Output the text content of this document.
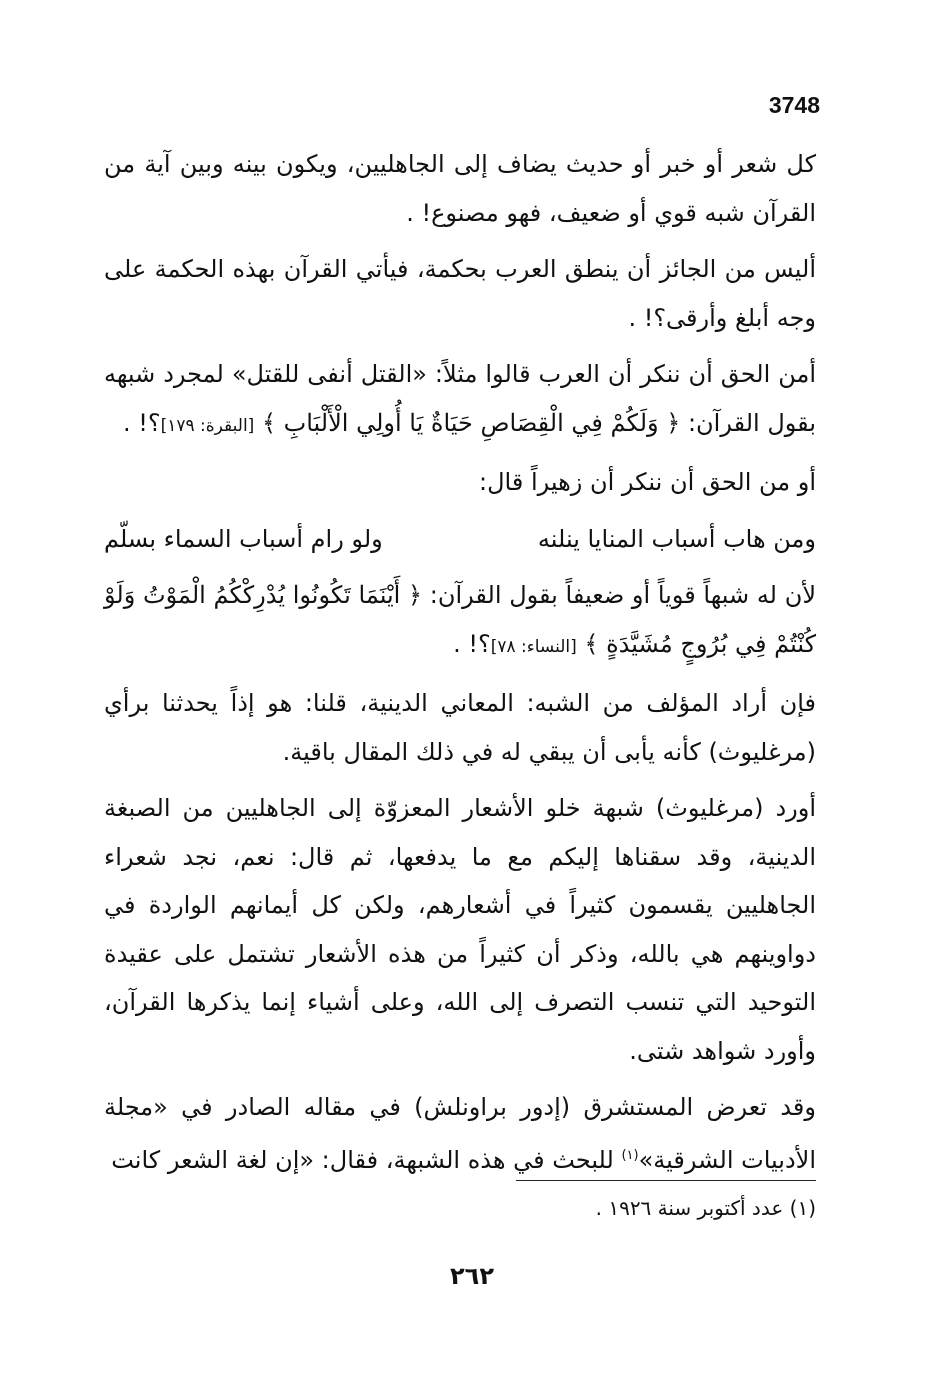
3748

كل شعر أو خبر أو حديث يضاف إلى الجاهليين، ويكون بينه وبين آية من القرآن شبه قوي أو ضعيف، فهو مصنوع! .

أليس من الجائز أن ينطق العرب بحكمة، فيأتي القرآن بهذه الحكمة على وجه أبلغ وأرقى؟! .

أمن الحق أن ننكر أن العرب قالوا مثلاً: «القتل أنفى للقتل» لمجرد شبهه بقول القرآن: ﴿ وَلَكُمْ فِي الْقِصَاصِ حَيَاةٌ يَا أُولِي الْأَلْبَابِ ﴾ [البقرة: ١٧٩]؟! .

أو من الحق أن ننكر أن زهيراً قال:

ومن هاب أسباب المنايا ينلنه
ولو رام أسباب السماء بسلّم

لأن له شبهاً قوياً أو ضعيفاً بقول القرآن: ﴿ أَيْنَمَا تَكُونُوا يُدْرِكْكُمُ الْمَوْتُ وَلَوْ كُنْتُمْ فِي بُرُوجٍ مُشَيَّدَةٍ ﴾ [النساء: ٧٨]؟! .

فإن أراد المؤلف من الشبه: المعاني الدينية، قلنا: هو إذاً يحدثنا برأي (مرغليوث) كأنه يأبى أن يبقي له في ذلك المقال باقية.

أورد (مرغليوث) شبهة خلو الأشعار المعزوّة إلى الجاهليين من الصبغة الدينية، وقد سقناها إليكم مع ما يدفعها، ثم قال: نعم، نجد شعراء الجاهليين يقسمون كثيراً في أشعارهم، ولكن كل أيمانهم الواردة في دواوينهم هي بالله، وذكر أن كثيراً من هذه الأشعار تشتمل على عقيدة التوحيد التي تنسب التصرف إلى الله، وعلى أشياء إنما يذكرها القرآن، وأورد شواهد شتى.

وقد تعرض المستشرق (إدور براونلش) في مقاله الصادر في «مجلة الأدبيات الشرقية»$^{(١)}$ للبحث في هذه الشبهة، فقال: «إن لغة الشعر كانت

(١) عدد أكتوبر سنة ١٩٢٦ .
٢٦٢
